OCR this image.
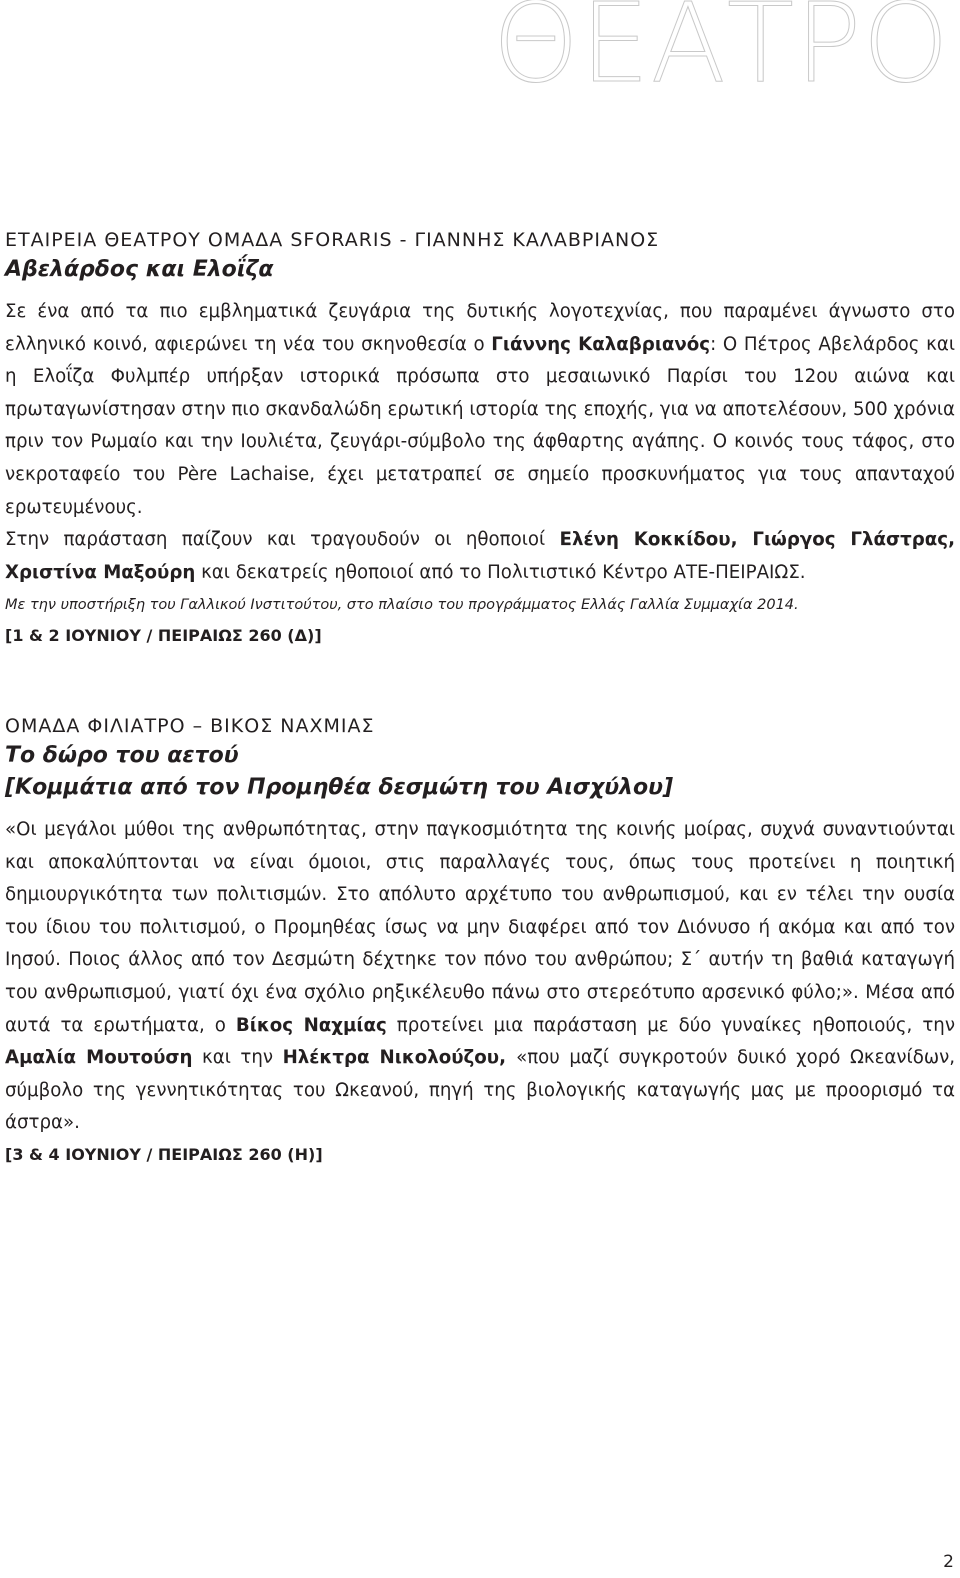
ΘΕΑΤΡΟ

ΕΤΑΙΡΕΙΑ ΘΕΑΤΡΟΥ ΟΜΑΔΑ SFORARIS - ΓΙΑΝΝΗΣ ΚΑΛΑΒΡΙΑΝΟΣ

Αβελάρδος και Ελοΐζα

Σε ένα από τα πιο εμβληματικά ζευγάρια της δυτικής λογοτεχνίας, που παραμένει άγνωστο στο ελληνικό κοινό, αφιερώνει τη νέα του σκηνοθεσία ο Γιάννης Καλαβριανός: Ο Πέτρος Αβελάρδος και η Ελοΐζα Φυλμπέρ υπήρξαν ιστορικά πρόσωπα στο μεσαιωνικό Παρίσι του 12ου αιώνα και πρωταγωνίστησαν στην πιο σκανδαλώδη ερωτική ιστορία της εποχής, για να αποτελέσουν, 500 χρόνια πριν τον Ρωμαίο και την Ιουλιέτα, ζευγάρι-σύμβολο της άφθαρτης αγάπης. Ο κοινός τους τάφος, στο νεκροταφείο του Père Lachaise, έχει μετατραπεί σε σημείο προσκυνήματος για τους απανταχού ερωτευμένους.

Στην παράσταση παίζουν και τραγουδούν οι ηθοποιοί Ελένη Κοκκίδου, Γιώργος Γλάστρας, Χριστίνα Μαξούρη και δεκατρείς ηθοποιοί από το Πολιτιστικό Κέντρο ΑΤΕ-ΠΕΙΡΑΙΩΣ.

Με την υποστήριξη του Γαλλικού Ινστιτούτου, στο πλαίσιο του προγράμματος Ελλάς Γαλλία Συμμαχία 2014.

[1 & 2 ΙΟΥΝΙΟΥ / ΠΕΙΡΑΙΩΣ 260 (Δ)]

ΟΜΑΔΑ ΦΙΛΙΑΤΡΟ – ΒΙΚΟΣ ΝΑΧΜΙΑΣ

Το δώρο του αετού

[Κομμάτια από τον Προμηθέα δεσμώτη του Αισχύλου]

«Οι μεγάλοι μύθοι της ανθρωπότητας, στην παγκοσμιότητα της κοινής μοίρας, συχνά συναντιούνται και αποκαλύπτονται να είναι όμοιοι, στις παραλλαγές τους, όπως τους προτείνει η ποιητική δημιουργικότητα των πολιτισμών. Στο απόλυτο αρχέτυπο του ανθρωπισμού, και εν τέλει την ουσία του ίδιου του πολιτισμού, ο Προμηθέας ίσως να μην διαφέρει από τον Διόνυσο ή ακόμα και από τον Ιησού. Ποιος άλλος από τον Δεσμώτη δέχτηκε τον πόνο του ανθρώπου; Σ΄ αυτήν τη βαθιά καταγωγή του ανθρωπισμού, γιατί όχι ένα σχόλιο ρηξικέλευθο πάνω στο στερεότυπο αρσενικό φύλο;». Μέσα από αυτά τα ερωτήματα, ο Βίκος Ναχμίας προτείνει μια παράσταση με δύο γυναίκες ηθοποιούς, την Αμαλία Μουτούση και την Ηλέκτρα Νικολούζου, «που μαζί συγκροτούν δυικό χορό Ωκεανίδων, σύμβολο της γεννητικότητας του Ωκεανού, πηγή της βιολογικής καταγωγής μας με προορισμό τα άστρα».

[3 & 4 ΙΟΥΝΙΟΥ / ΠΕΙΡΑΙΩΣ 260 (Η)]

2
